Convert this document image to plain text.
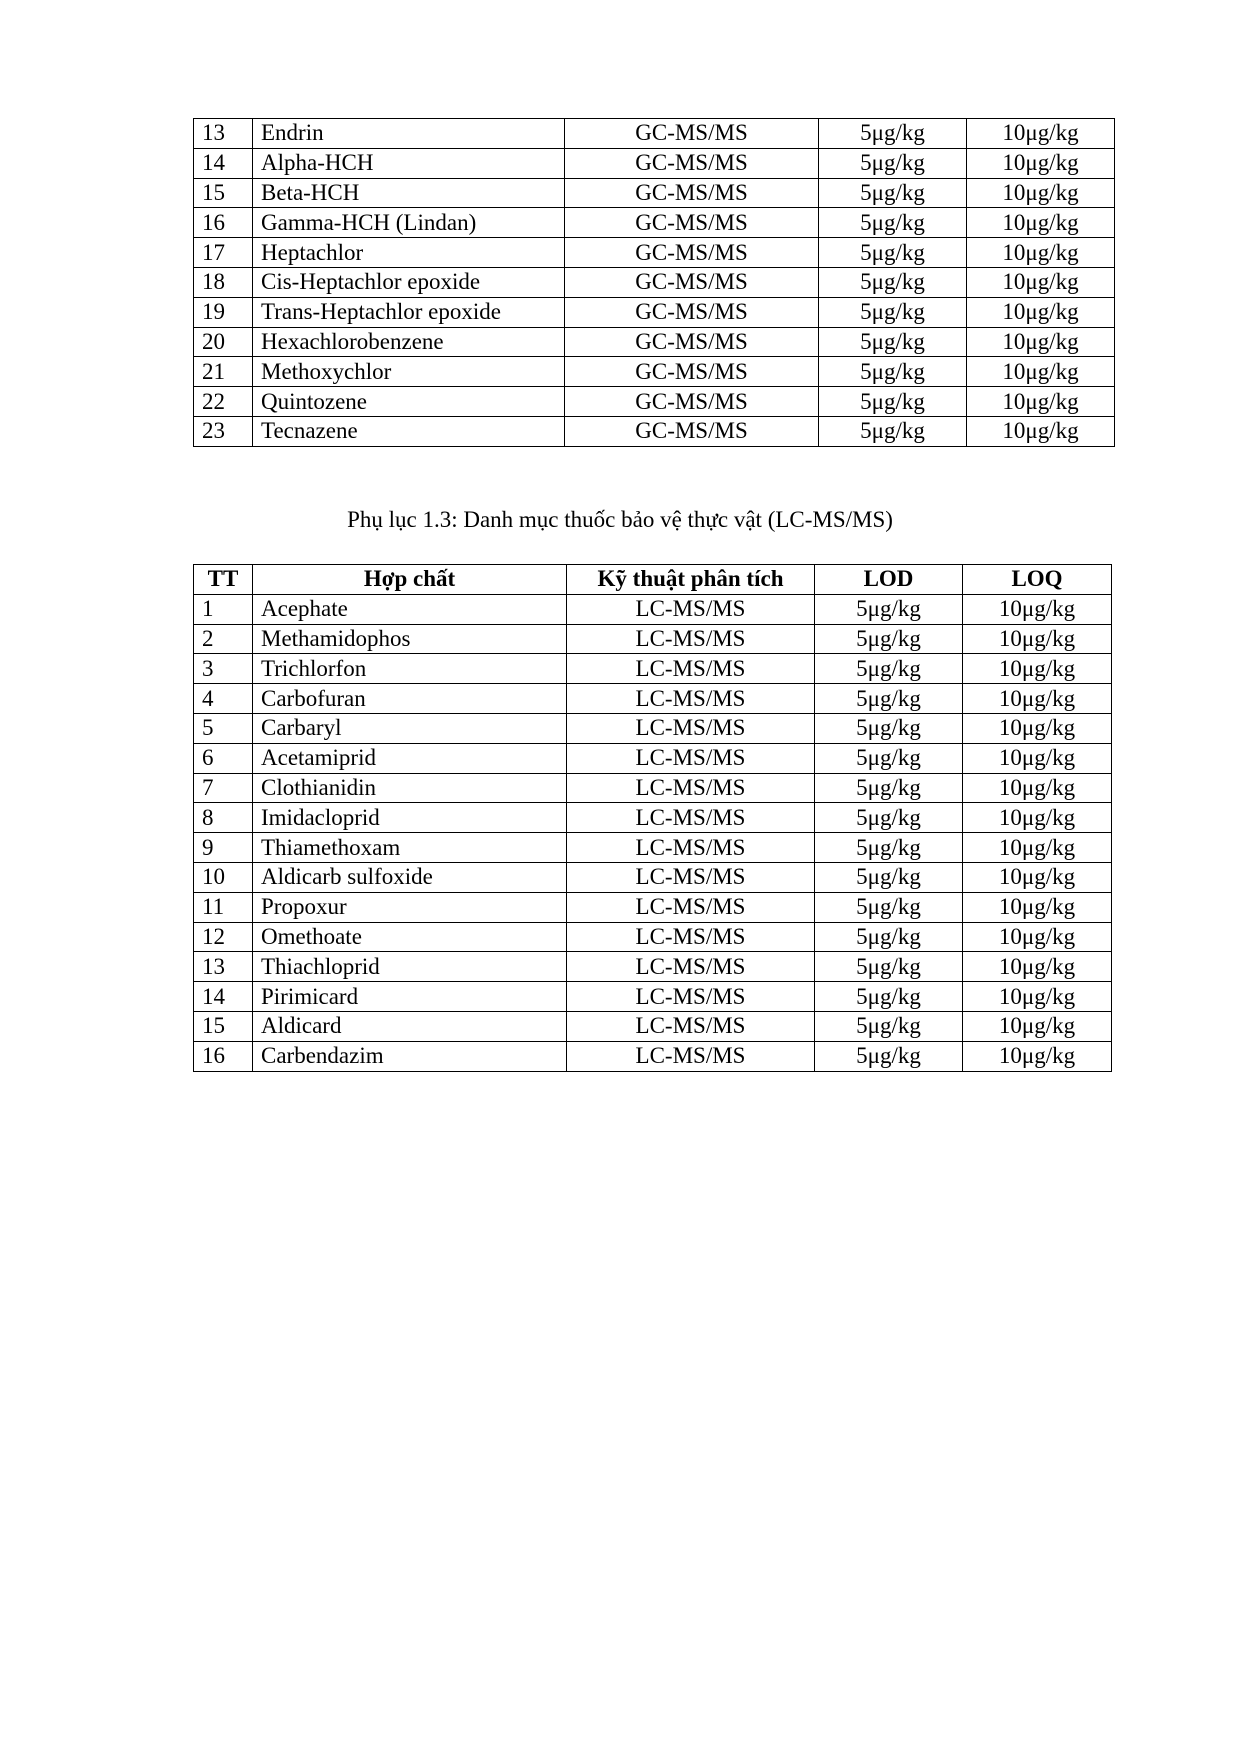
13	Endrin	GC-MS/MS	5μg/kg	10μg/kg
14	Alpha-HCH	GC-MS/MS	5μg/kg	10μg/kg
15	Beta-HCH	GC-MS/MS	5μg/kg	10μg/kg
16	Gamma-HCH (Lindan)	GC-MS/MS	5μg/kg	10μg/kg
17	Heptachlor	GC-MS/MS	5μg/kg	10μg/kg
18	Cis-Heptachlor epoxide	GC-MS/MS	5μg/kg	10μg/kg
19	Trans-Heptachlor epoxide	GC-MS/MS	5μg/kg	10μg/kg
20	Hexachlorobenzene	GC-MS/MS	5μg/kg	10μg/kg
21	Methoxychlor	GC-MS/MS	5μg/kg	10μg/kg
22	Quintozene	GC-MS/MS	5μg/kg	10μg/kg
23	Tecnazene	GC-MS/MS	5μg/kg	10μg/kg
Phụ lục 1.3: Danh mục thuốc bảo vệ thực vật (LC-MS/MS)
TT	Hợp chất	Kỹ thuật phân tích	LOD	LOQ
1	Acephate	LC-MS/MS	5μg/kg	10μg/kg
2	Methamidophos	LC-MS/MS	5μg/kg	10μg/kg
3	Trichlorfon	LC-MS/MS	5μg/kg	10μg/kg
4	Carbofuran	LC-MS/MS	5μg/kg	10μg/kg
5	Carbaryl	LC-MS/MS	5μg/kg	10μg/kg
6	Acetamiprid	LC-MS/MS	5μg/kg	10μg/kg
7	Clothianidin	LC-MS/MS	5μg/kg	10μg/kg
8	Imidacloprid	LC-MS/MS	5μg/kg	10μg/kg
9	Thiamethoxam	LC-MS/MS	5μg/kg	10μg/kg
10	Aldicarb sulfoxide	LC-MS/MS	5μg/kg	10μg/kg
11	Propoxur	LC-MS/MS	5μg/kg	10μg/kg
12	Omethoate	LC-MS/MS	5μg/kg	10μg/kg
13	Thiachloprid	LC-MS/MS	5μg/kg	10μg/kg
14	Pirimicard	LC-MS/MS	5μg/kg	10μg/kg
15	Aldicard	LC-MS/MS	5μg/kg	10μg/kg
16	Carbendazim	LC-MS/MS	5μg/kg	10μg/kg
